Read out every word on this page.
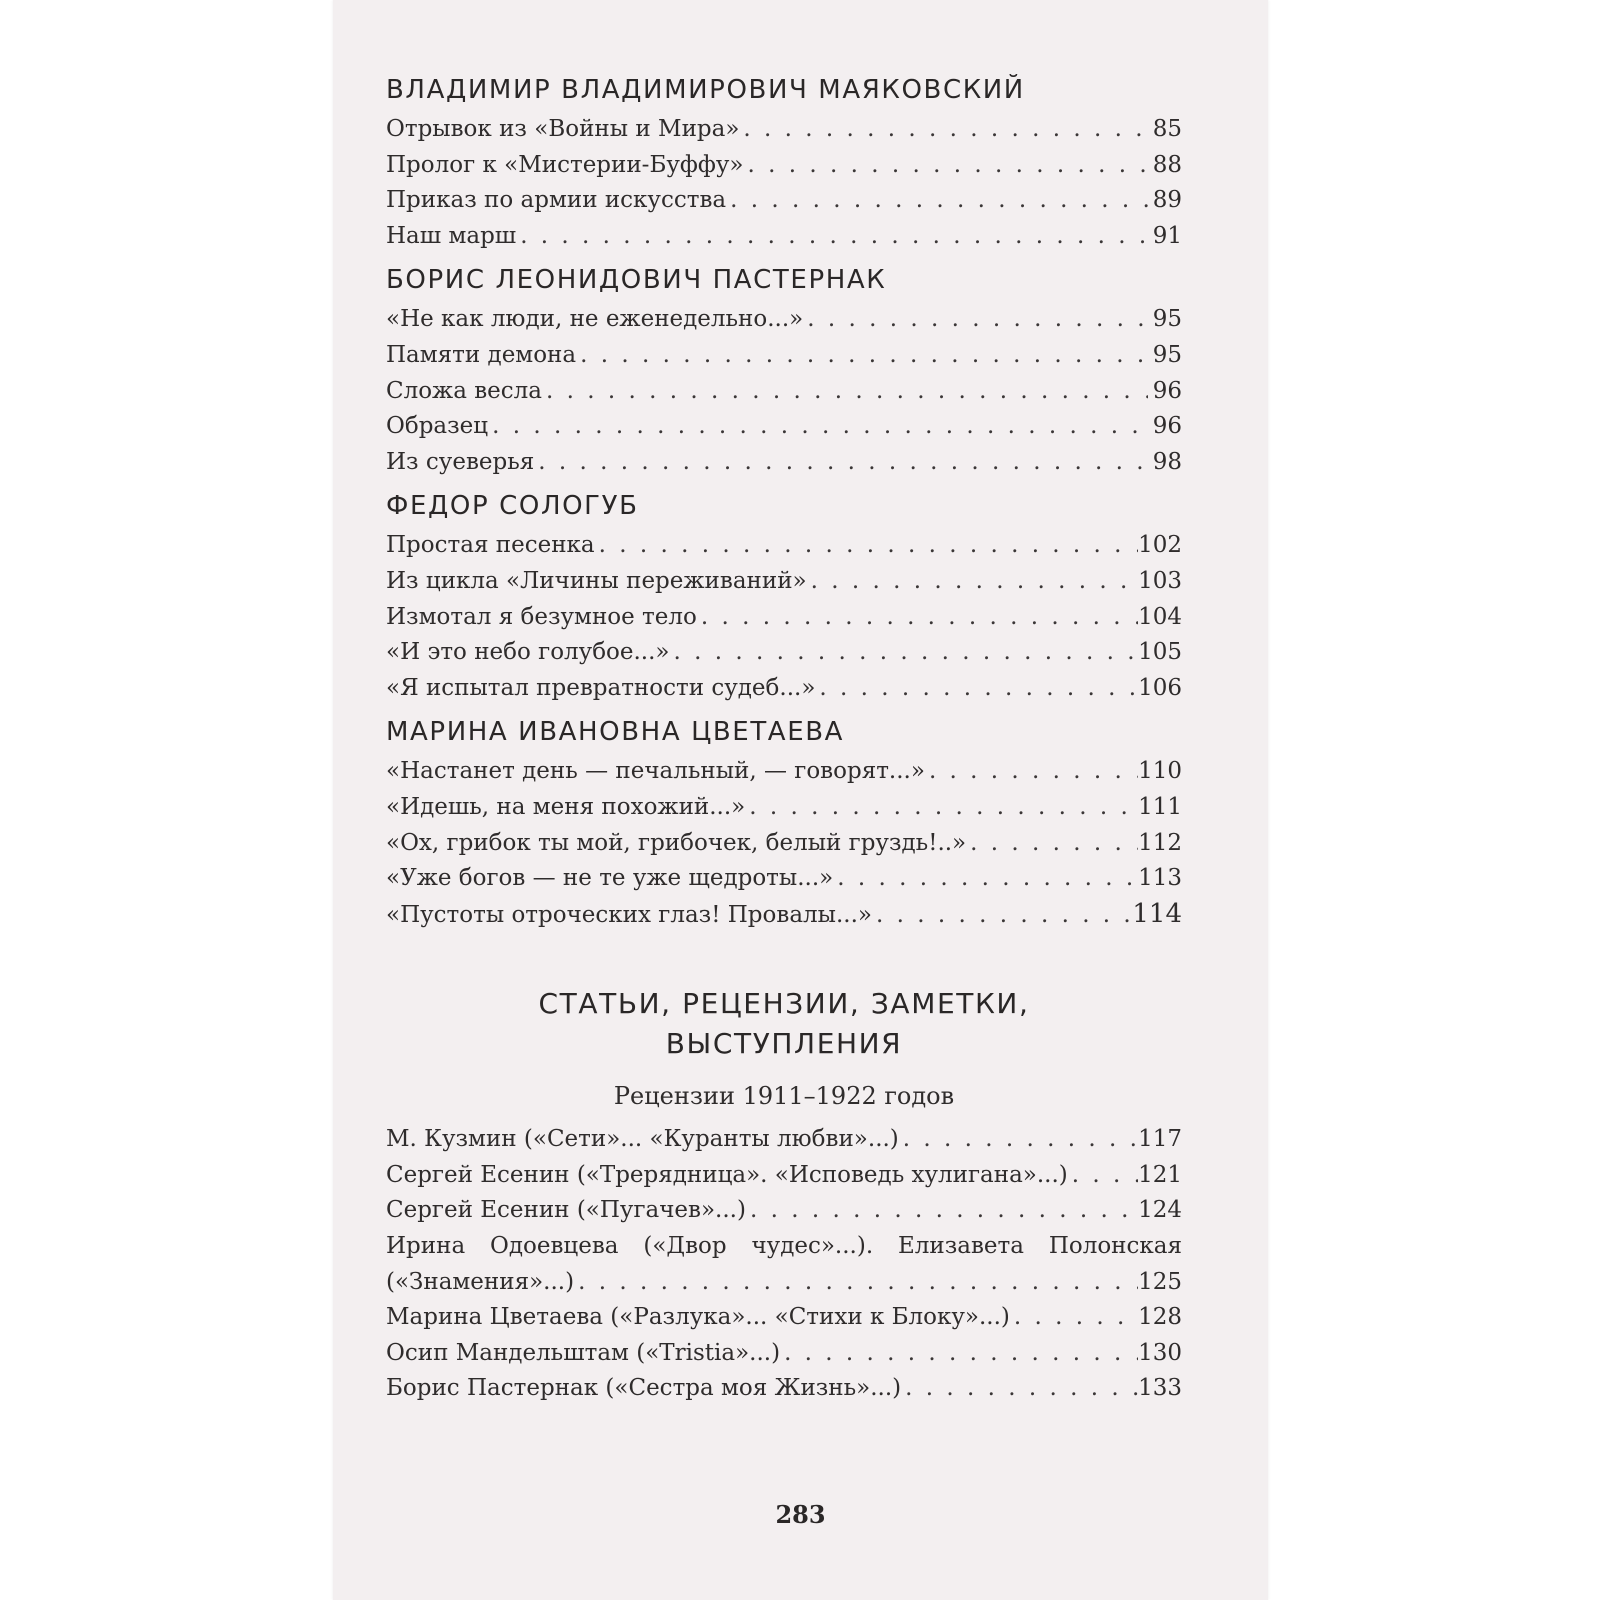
ВЛАДИМИР ВЛАДИМИРОВИЧ МАЯКОВСКИЙ
Отрывок из «Войны и Мира» . . .	85
Пролог к «Мистерии-Буффу» . . .	88
Приказ по армии искусства . . .	89
Наш марш . . .	91
БОРИС ЛЕОНИДОВИЧ ПАСТЕРНАК
«Не как люди, не еженедельно...» . . .	95
Памяти демона . . .	95
Сложа весла . . .	96
Образец . . .	96
Из суеверья . . .	98
ФЕДОР СОЛОГУБ
Простая песенка . . .	102
Из цикла «Личины переживаний» . . .	103
Измотал я безумное тело . . .	104
«И это небо голубое...» . . .	105
«Я испытал превратности судеб...» . . .	106
МАРИНА ИВАНОВНА ЦВЕТАЕВА
«Настанет день — печальный, — говорят...» . . .	110
«Идешь, на меня похожий...» . . .	111
«Ох, грибок ты мой, грибочек, белый груздь!..» . . .	112
«Уже богов — не те уже щедроты...» . . .	113
«Пустоты отроческих глаз! Провалы...» . . .	114
СТАТЬИ, РЕЦЕНЗИИ, ЗАМЕТКИ,
ВЫСТУПЛЕНИЯ
Рецензии 1911–1922 годов
М. Кузмин («Сети»... «Куранты любви»...) . . .	117
Сергей Есенин («Трерядница». «Исповедь хулигана»...) . . .	121
Сергей Есенин («Пугачев»...) . . .	124
Ирина Одоевцева («Двор чудес»...). Елизавета Полонская
(«Знамения»...) . . .	125
Марина Цветаева («Разлука»... «Стихи к Блоку»...) . . .	128
Осип Мандельштам («Tristia»...) . . .	130
Борис Пастернак («Сестра моя Жизнь»...) . . .	133
283
